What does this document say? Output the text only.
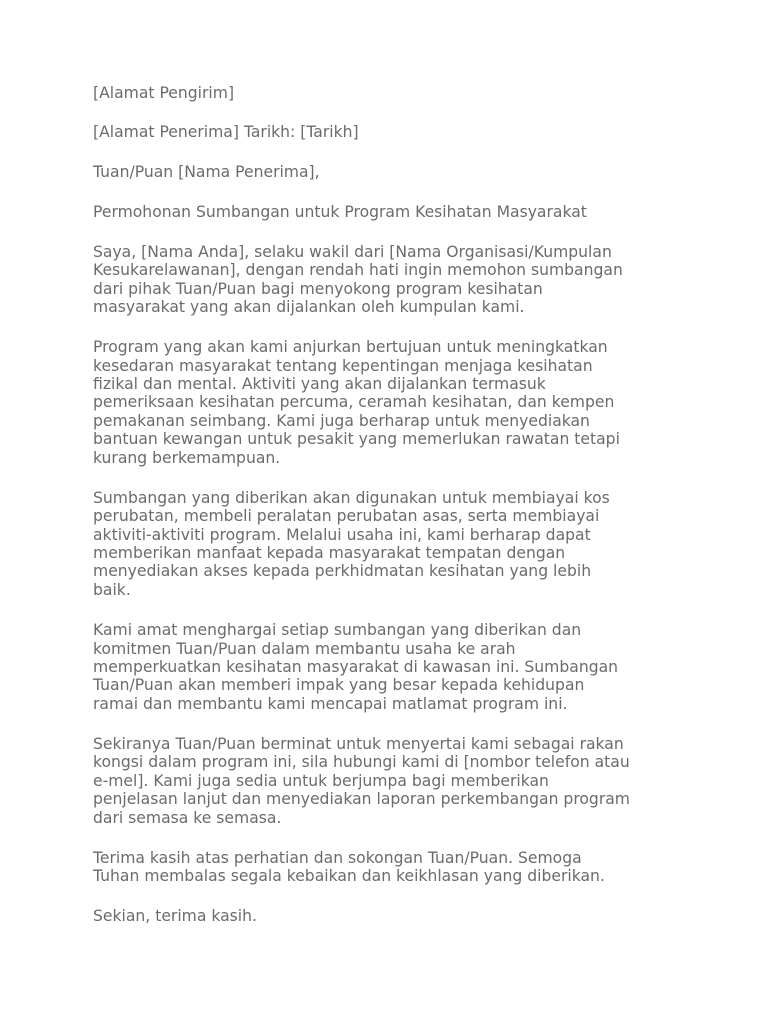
[Alamat Pengirim]

[Alamat Penerima] Tarikh: [Tarikh]

Tuan/Puan [Nama Penerima],

Permohonan Sumbangan untuk Program Kesihatan Masyarakat

Saya, [Nama Anda], selaku wakil dari [Nama Organisasi/Kumpulan
Kesukarelawanan], dengan rendah hati ingin memohon sumbangan
dari pihak Tuan/Puan bagi menyokong program kesihatan
masyarakat yang akan dijalankan oleh kumpulan kami.

Program yang akan kami anjurkan bertujuan untuk meningkatkan
kesedaran masyarakat tentang kepentingan menjaga kesihatan
fizikal dan mental. Aktiviti yang akan dijalankan termasuk
pemeriksaan kesihatan percuma, ceramah kesihatan, dan kempen
pemakanan seimbang. Kami juga berharap untuk menyediakan
bantuan kewangan untuk pesakit yang memerlukan rawatan tetapi
kurang berkemampuan.

Sumbangan yang diberikan akan digunakan untuk membiayai kos
perubatan, membeli peralatan perubatan asas, serta membiayai
aktiviti-aktiviti program. Melalui usaha ini, kami berharap dapat
memberikan manfaat kepada masyarakat tempatan dengan
menyediakan akses kepada perkhidmatan kesihatan yang lebih
baik.

Kami amat menghargai setiap sumbangan yang diberikan dan
komitmen Tuan/Puan dalam membantu usaha ke arah
memperkuatkan kesihatan masyarakat di kawasan ini. Sumbangan
Tuan/Puan akan memberi impak yang besar kepada kehidupan
ramai dan membantu kami mencapai matlamat program ini.

Sekiranya Tuan/Puan berminat untuk menyertai kami sebagai rakan
kongsi dalam program ini, sila hubungi kami di [nombor telefon atau
e-mel]. Kami juga sedia untuk berjumpa bagi memberikan
penjelasan lanjut dan menyediakan laporan perkembangan program
dari semasa ke semasa.

Terima kasih atas perhatian dan sokongan Tuan/Puan. Semoga
Tuhan membalas segala kebaikan dan keikhlasan yang diberikan.

Sekian, terima kasih.
